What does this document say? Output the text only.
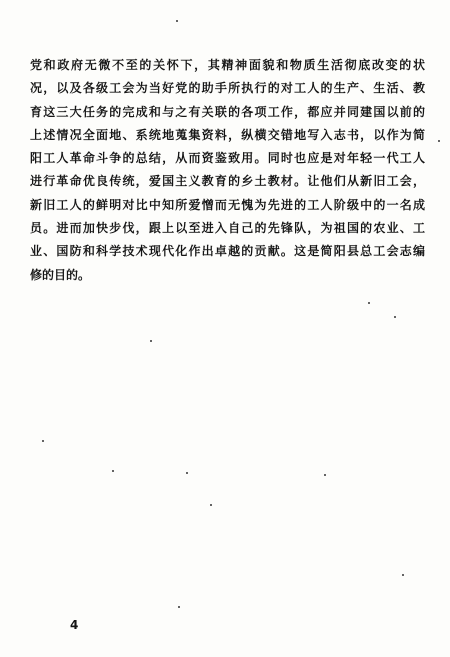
党和政府无微不至的关怀下，其精神面貌和物质生活彻底改变的状
况，以及各级工会为当好党的助手所执行的对工人的生产、生活、教
育这三大任务的完成和与之有关联的各项工作，都应并同建国以前的
上述情况全面地、系统地蒐集资料，纵横交错地写入志书，以作为简
阳工人革命斗争的总结，从而资鉴致用。同时也应是对年轻一代工人
进行革命优良传统，爱国主义教育的乡土教材。让他们从新旧工会，
新旧工人的鲜明对比中知所爱憎而无愧为先进的工人阶级中的一名成
员。进而加快步伐，跟上以至进入自己的先锋队，为祖国的农业、工
业、国防和科学技术现代化作出卓越的贡献。这是简阳县总工会志编
修的目的。
4
